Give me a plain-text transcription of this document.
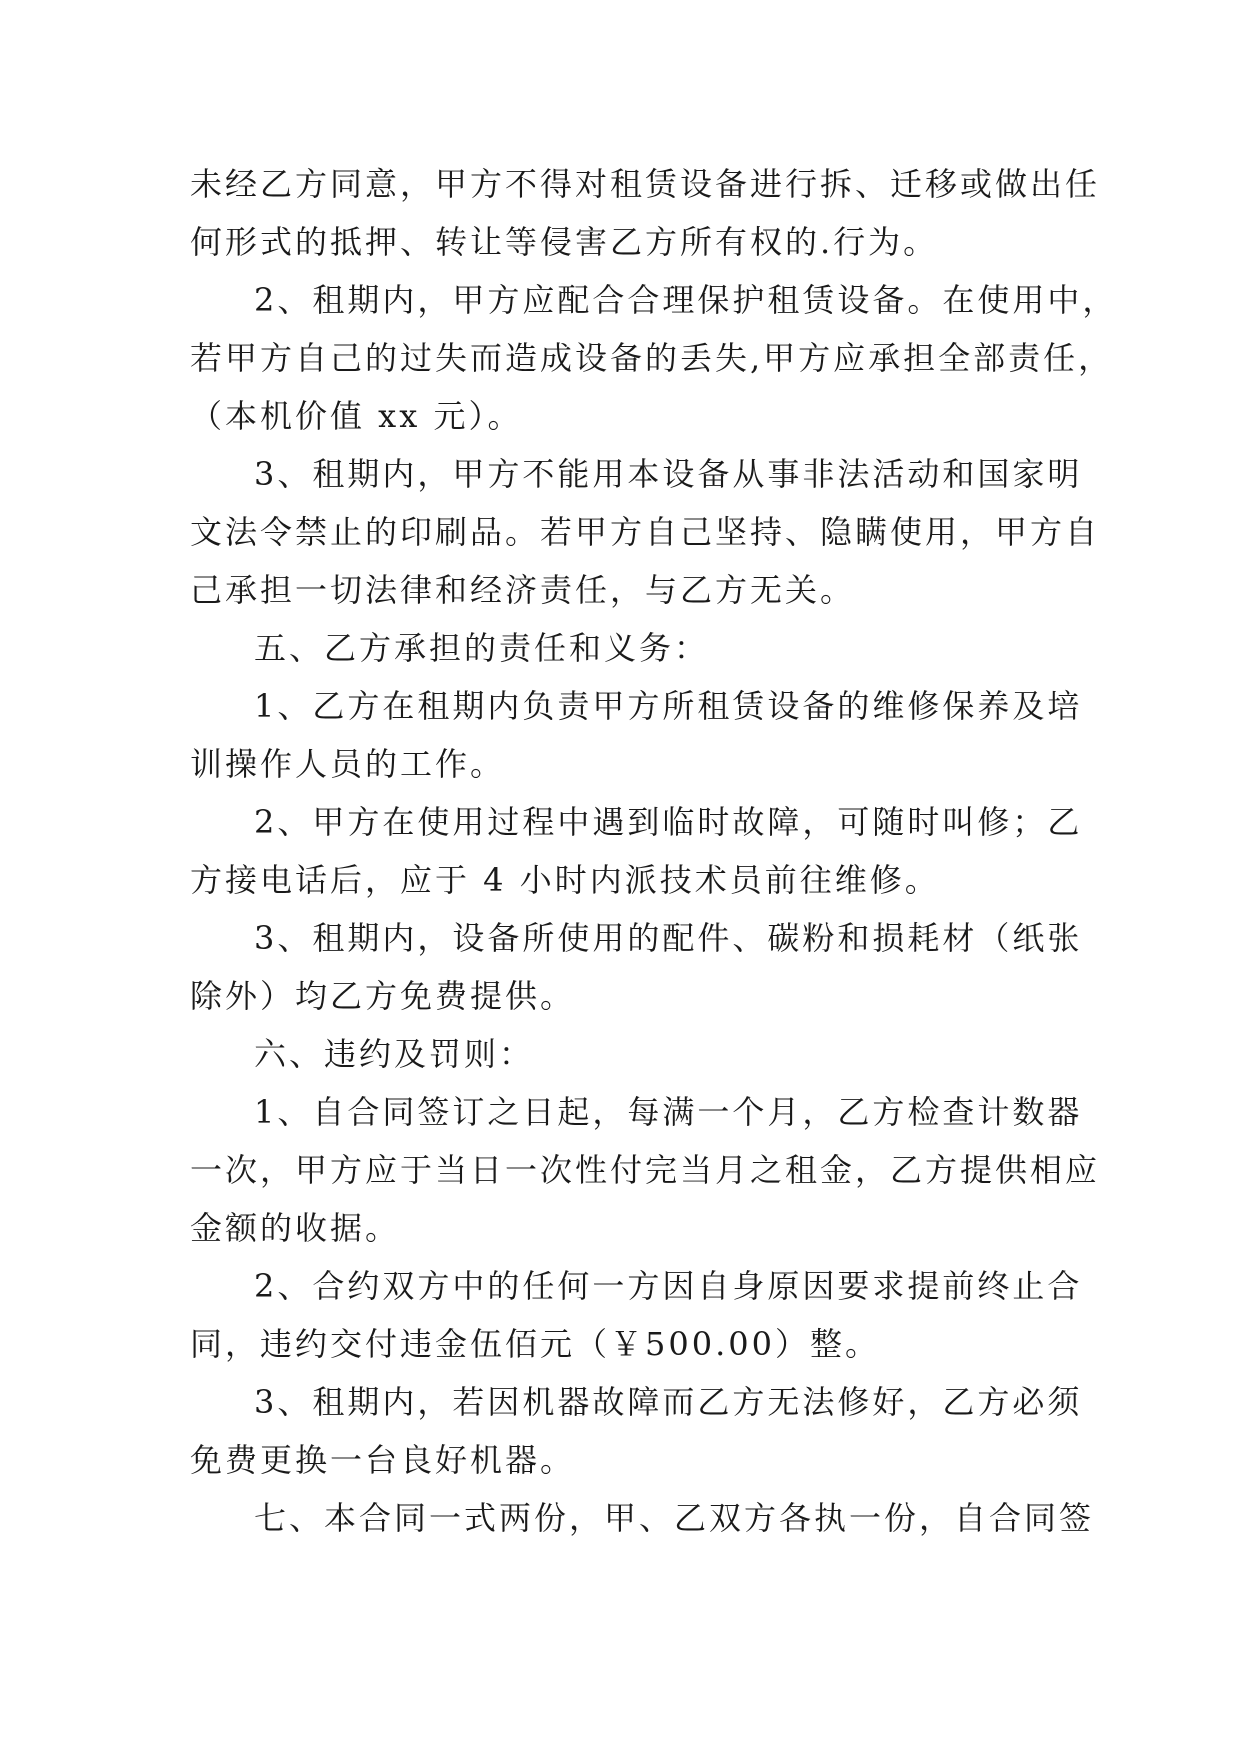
未经乙方同意，甲方不得对租赁设备进行拆、迁移或做出任
何形式的抵押、转让等侵害乙方所有权的.行为。
2、租期内，甲方应配合合理保护租赁设备。在使用中，
若甲方自己的过失而造成设备的丢失,甲方应承担全部责任，
（本机价值 xx 元）。
3、租期内，甲方不能用本设备从事非法活动和国家明
文法令禁止的印刷品。若甲方自己坚持、隐瞒使用，甲方自
己承担一切法律和经济责任，与乙方无关。
五、乙方承担的责任和义务：
1、乙方在租期内负责甲方所租赁设备的维修保养及培
训操作人员的工作。
2、甲方在使用过程中遇到临时故障，可随时叫修；乙
方接电话后，应于 4 小时内派技术员前往维修。
3、租期内，设备所使用的配件、碳粉和损耗材（纸张
除外）均乙方免费提供。
六、违约及罚则：
1、自合同签订之日起，每满一个月，乙方检查计数器
一次，甲方应于当日一次性付完当月之租金，乙方提供相应
金额的收据。
2、合约双方中的任何一方因自身原因要求提前终止合
同，违约交付违金伍佰元（￥500.00）整。
3、租期内，若因机器故障而乙方无法修好，乙方必须
免费更换一台良好机器。
七、本合同一式两份，甲、乙双方各执一份，自合同签
